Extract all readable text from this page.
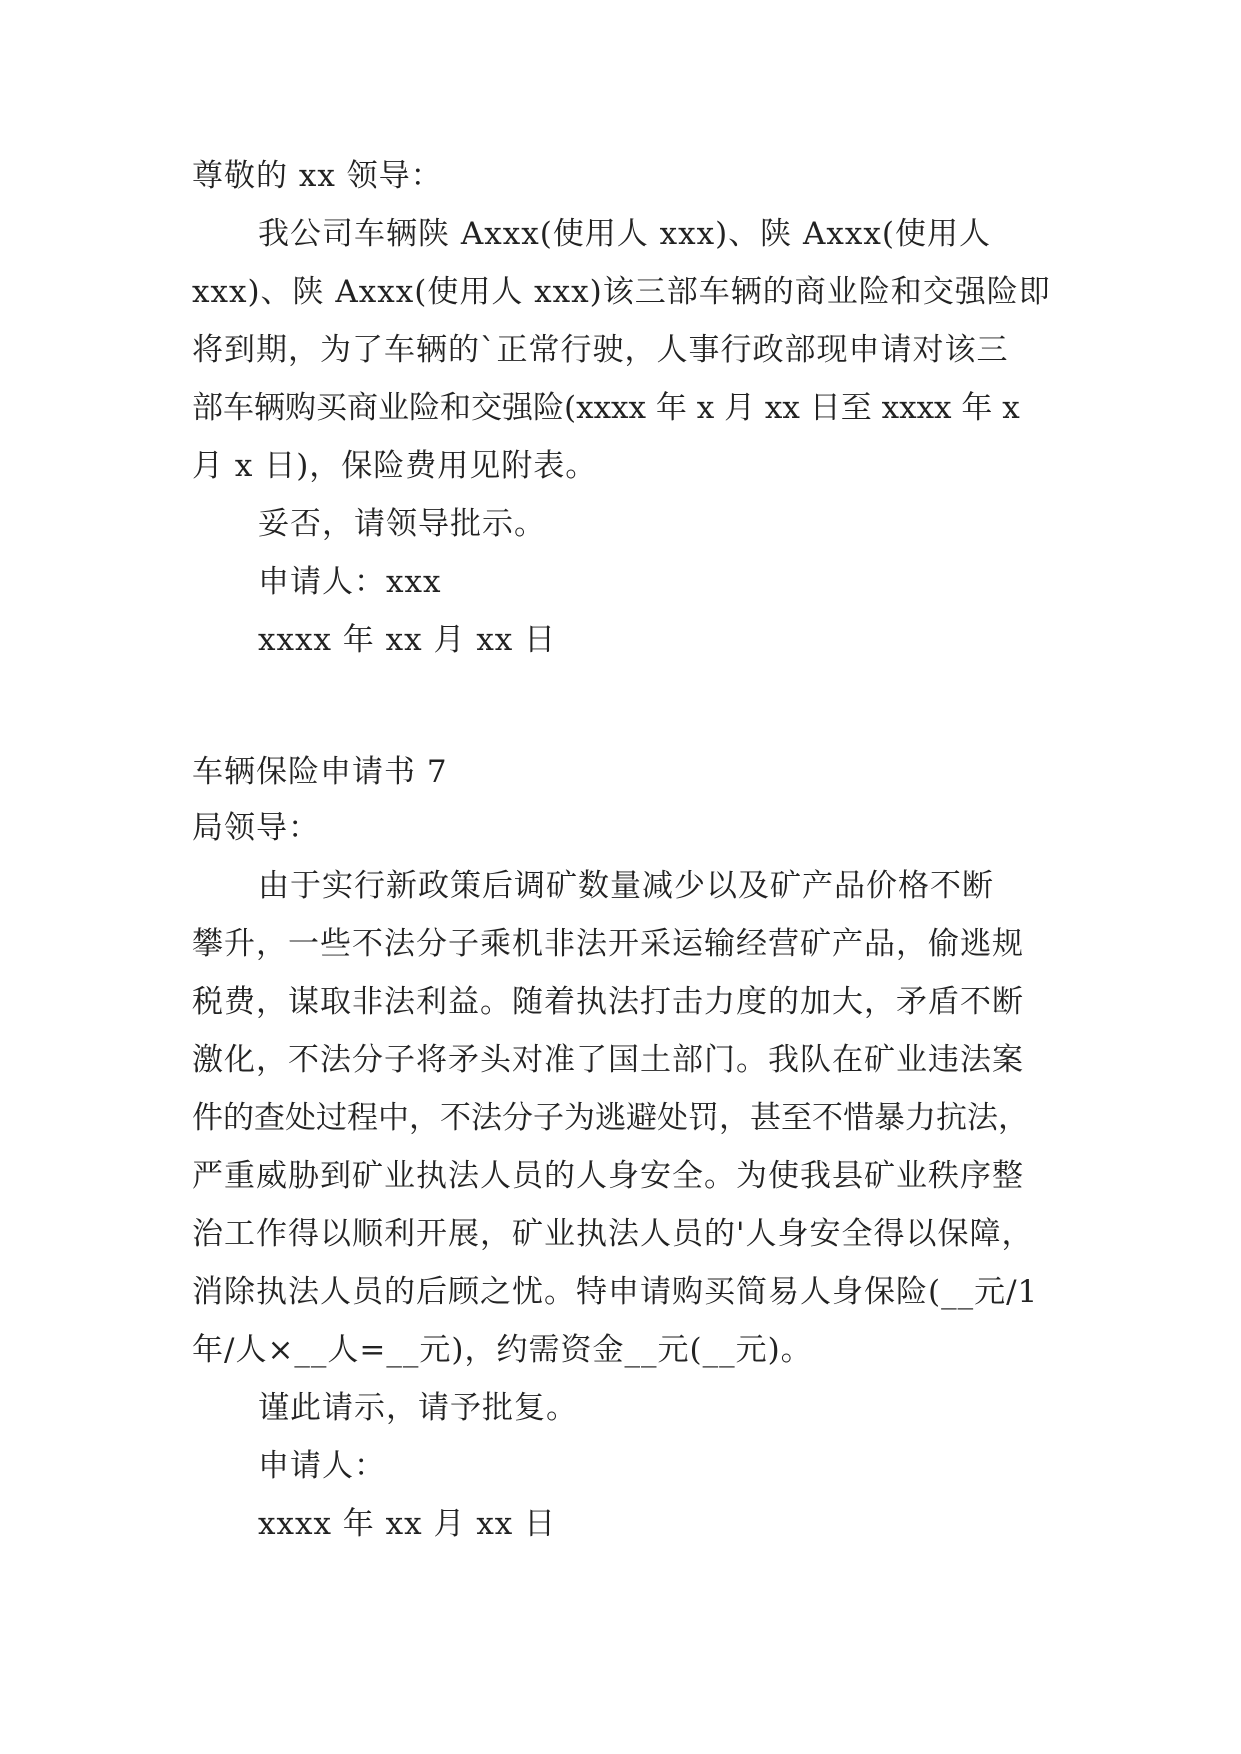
尊敬的 xx 领导：
我公司车辆陕 Axxx(使用人 xxx)、陕 Axxx(使用人
xxx)、陕 Axxx(使用人 xxx)该三部车辆的商业险和交强险即
将到期，为了车辆的`正常行驶，人事行政部现申请对该三
部车辆购买商业险和交强险(xxxx 年 x 月 xx 日至 xxxx 年 x
月 x 日)，保险费用见附表。
妥否，请领导批示。
申请人：xxx
xxxx 年 xx 月 xx 日
车辆保险申请书 7
局领导：
由于实行新政策后调矿数量减少以及矿产品价格不断
攀升，一些不法分子乘机非法开采运输经营矿产品，偷逃规
税费，谋取非法利益。随着执法打击力度的加大，矛盾不断
激化，不法分子将矛头对准了国土部门。我队在矿业违法案
件的查处过程中，不法分子为逃避处罚，甚至不惜暴力抗法，
严重威胁到矿业执法人员的人身安全。为使我县矿业秩序整
治工作得以顺利开展，矿业执法人员的'人身安全得以保障，
消除执法人员的后顾之忧。特申请购买简易人身保险(__元/1
年/人×__人=__元)，约需资金__元(__元)。
谨此请示，请予批复。
申请人：
xxxx 年 xx 月 xx 日
